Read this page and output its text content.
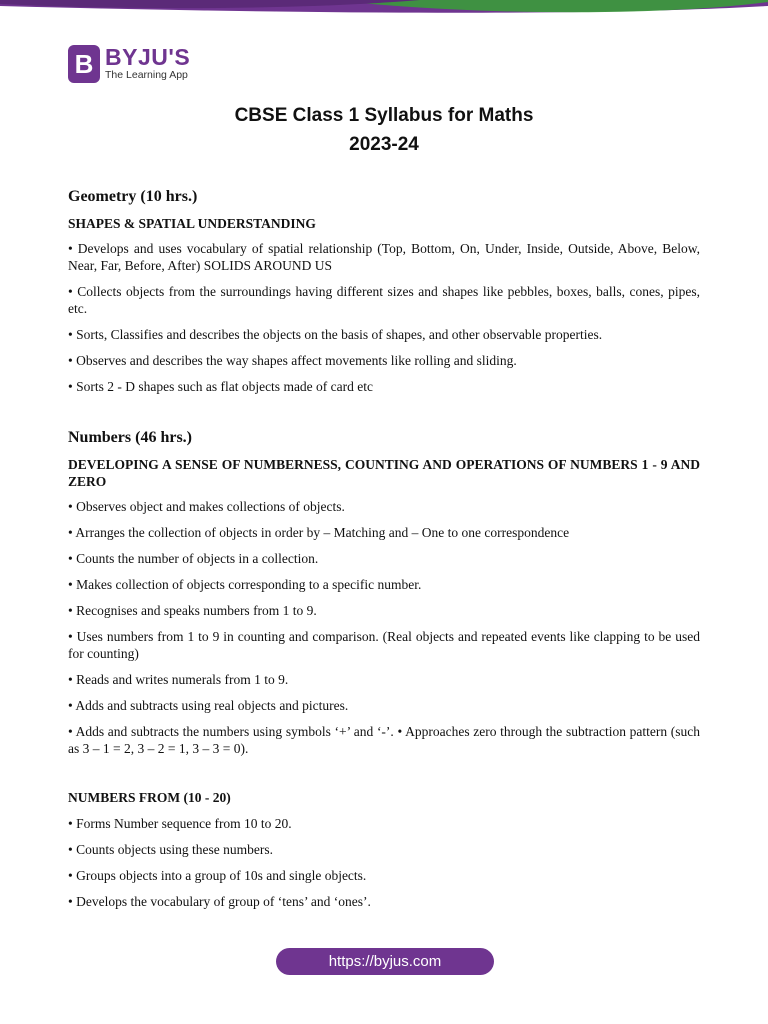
B BYJU'S
The Learning App
CBSE Class 1 Syllabus for Maths
2023-24
Geometry (10 hrs.)
SHAPES & SPATIAL UNDERSTANDING
• Develops and uses vocabulary of spatial relationship (Top, Bottom, On, Under, Inside, Outside, Above, Below, Near, Far, Before, After) SOLIDS AROUND US
• Collects objects from the surroundings having different sizes and shapes like pebbles, boxes, balls, cones, pipes, etc.
• Sorts, Classifies and describes the objects on the basis of shapes, and other observable properties.
• Observes and describes the way shapes affect movements like rolling and sliding.
• Sorts 2 - D shapes such as flat objects made of card etc
Numbers (46 hrs.)
DEVELOPING A SENSE OF NUMBERNESS, COUNTING AND OPERATIONS OF NUMBERS 1 - 9 AND ZERO
• Observes object and makes collections of objects.
• Arranges the collection of objects in order by – Matching and – One to one correspondence
• Counts the number of objects in a collection.
• Makes collection of objects corresponding to a specific number.
• Recognises and speaks numbers from 1 to 9.
• Uses numbers from 1 to 9 in counting and comparison. (Real objects and repeated events like clapping to be used for counting)
• Reads and writes numerals from 1 to 9.
• Adds and subtracts using real objects and pictures.
• Adds and subtracts the numbers using symbols ‘+’ and ‘-’. • Approaches zero through the subtraction pattern (such as 3 – 1 = 2, 3 – 2 = 1, 3 – 3 = 0).
NUMBERS FROM (10 - 20)
• Forms Number sequence from 10 to 20.
• Counts objects using these numbers.
• Groups objects into a group of 10s and single objects.
• Develops the vocabulary of group of ‘tens’ and ‘ones’.
https://byjus.com
